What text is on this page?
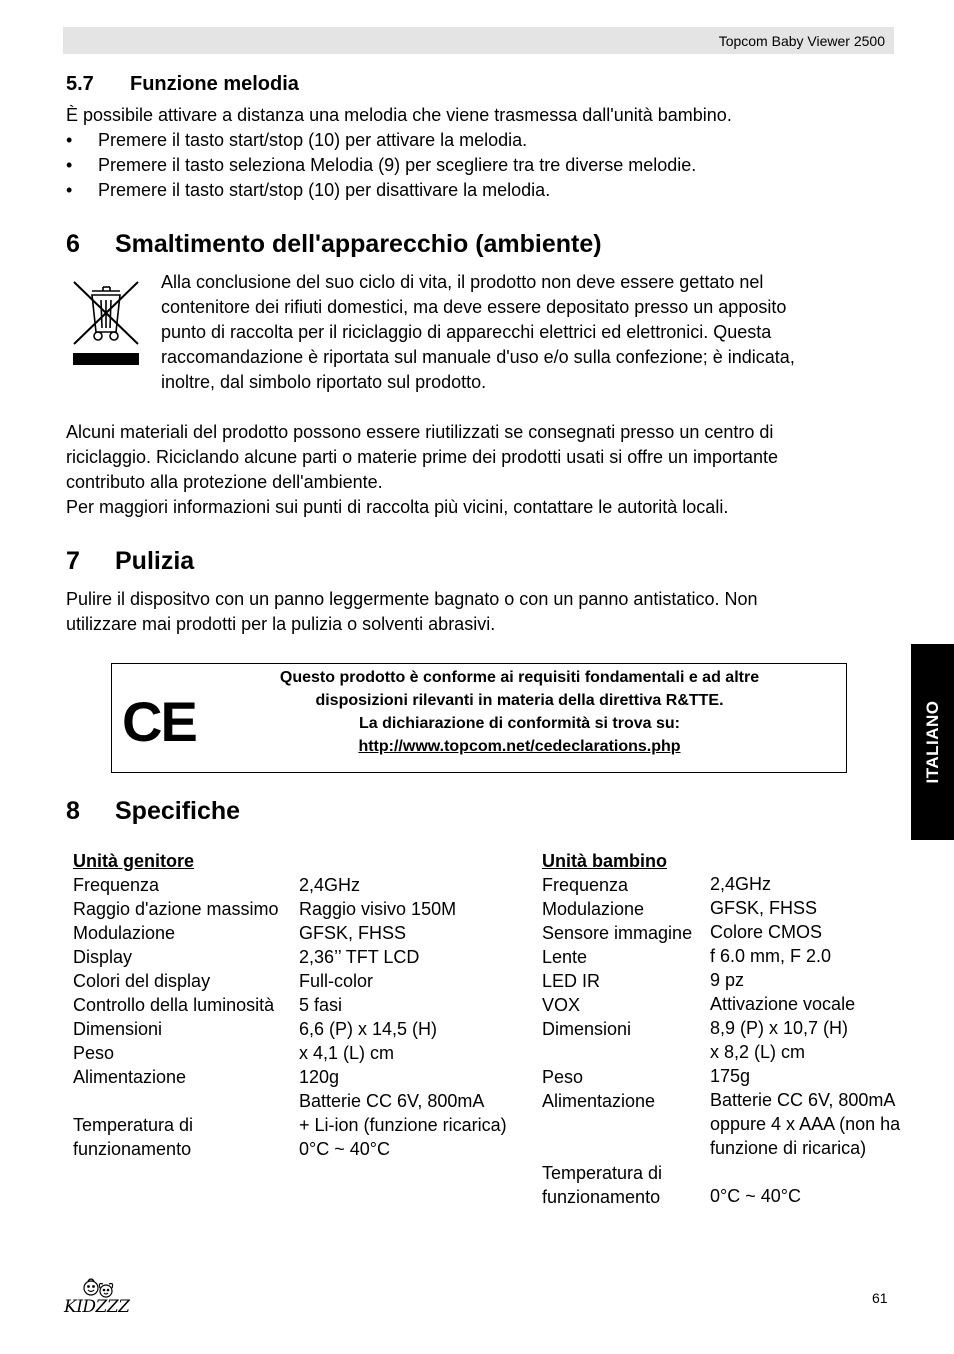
Topcom Baby Viewer 2500
5.7 Funzione melodia
È possibile attivare a distanza una melodia che viene trasmessa dall'unità bambino.
• Premere il tasto start/stop (10) per attivare la melodia.
• Premere il tasto seleziona Melodia (9) per scegliere tra tre diverse melodie.
• Premere il tasto start/stop (10) per disattivare la melodia.
6 Smaltimento dell'apparecchio (ambiente)
Alla conclusione del suo ciclo di vita, il prodotto non deve essere gettato nel
contenitore dei rifiuti domestici, ma deve essere depositato presso un apposito
punto di raccolta per il riciclaggio di apparecchi elettrici ed elettronici. Questa
raccomandazione è riportata sul manuale d'uso e/o sulla confezione; è indicata,
inoltre, dal simbolo riportato sul prodotto.
Alcuni materiali del prodotto possono essere riutilizzati se consegnati presso un centro di
riciclaggio. Riciclando alcune parti o materie prime dei prodotti usati si offre un importante
contributo alla protezione dell'ambiente.
Per maggiori informazioni sui punti di raccolta più vicini, contattare le autorità locali.
7 Pulizia
Pulire il dispositvo con un panno leggermente bagnato o con un panno antistatico. Non
utilizzare mai prodotti per la pulizia o solventi abrasivi.
CE
Questo prodotto è conforme ai requisiti fondamentali e ad altre
disposizioni rilevanti in materia della direttiva R&TTE.
La dichiarazione di conformità si trova su:
http://www.topcom.net/cedeclarations.php
8 Specifiche
Unità genitore
Frequenza
Raggio d'azione massimo
Modulazione
Display
Colori del display
Controllo della luminosità
Dimensioni
Peso
Alimentazione

Temperatura di
funzionamento
2,4GHz
Raggio visivo 150M
GFSK, FHSS
2,36’’ TFT LCD
Full-color
5 fasi
6,6 (P) x 14,5 (H)
x 4,1 (L) cm
120g
Batterie CC 6V, 800mA
+ Li-ion (funzione ricarica)
0°C ~ 40°C
Unità bambino
Frequenza
Modulazione
Sensore immagine
Lente
LED IR
VOX
Dimensioni

Peso
Alimentazione

Temperatura di
funzionamento
2,4GHz
GFSK, FHSS
Colore CMOS
f 6.0 mm, F 2.0
9 pz
Attivazione vocale
8,9 (P) x 10,7 (H)
x 8,2 (L) cm
175g
Batterie CC 6V, 800mA
oppure 4 x AAA (non ha
funzione di ricarica)

0°C ~ 40°C
ITALIANO
KIDZZZ	61
